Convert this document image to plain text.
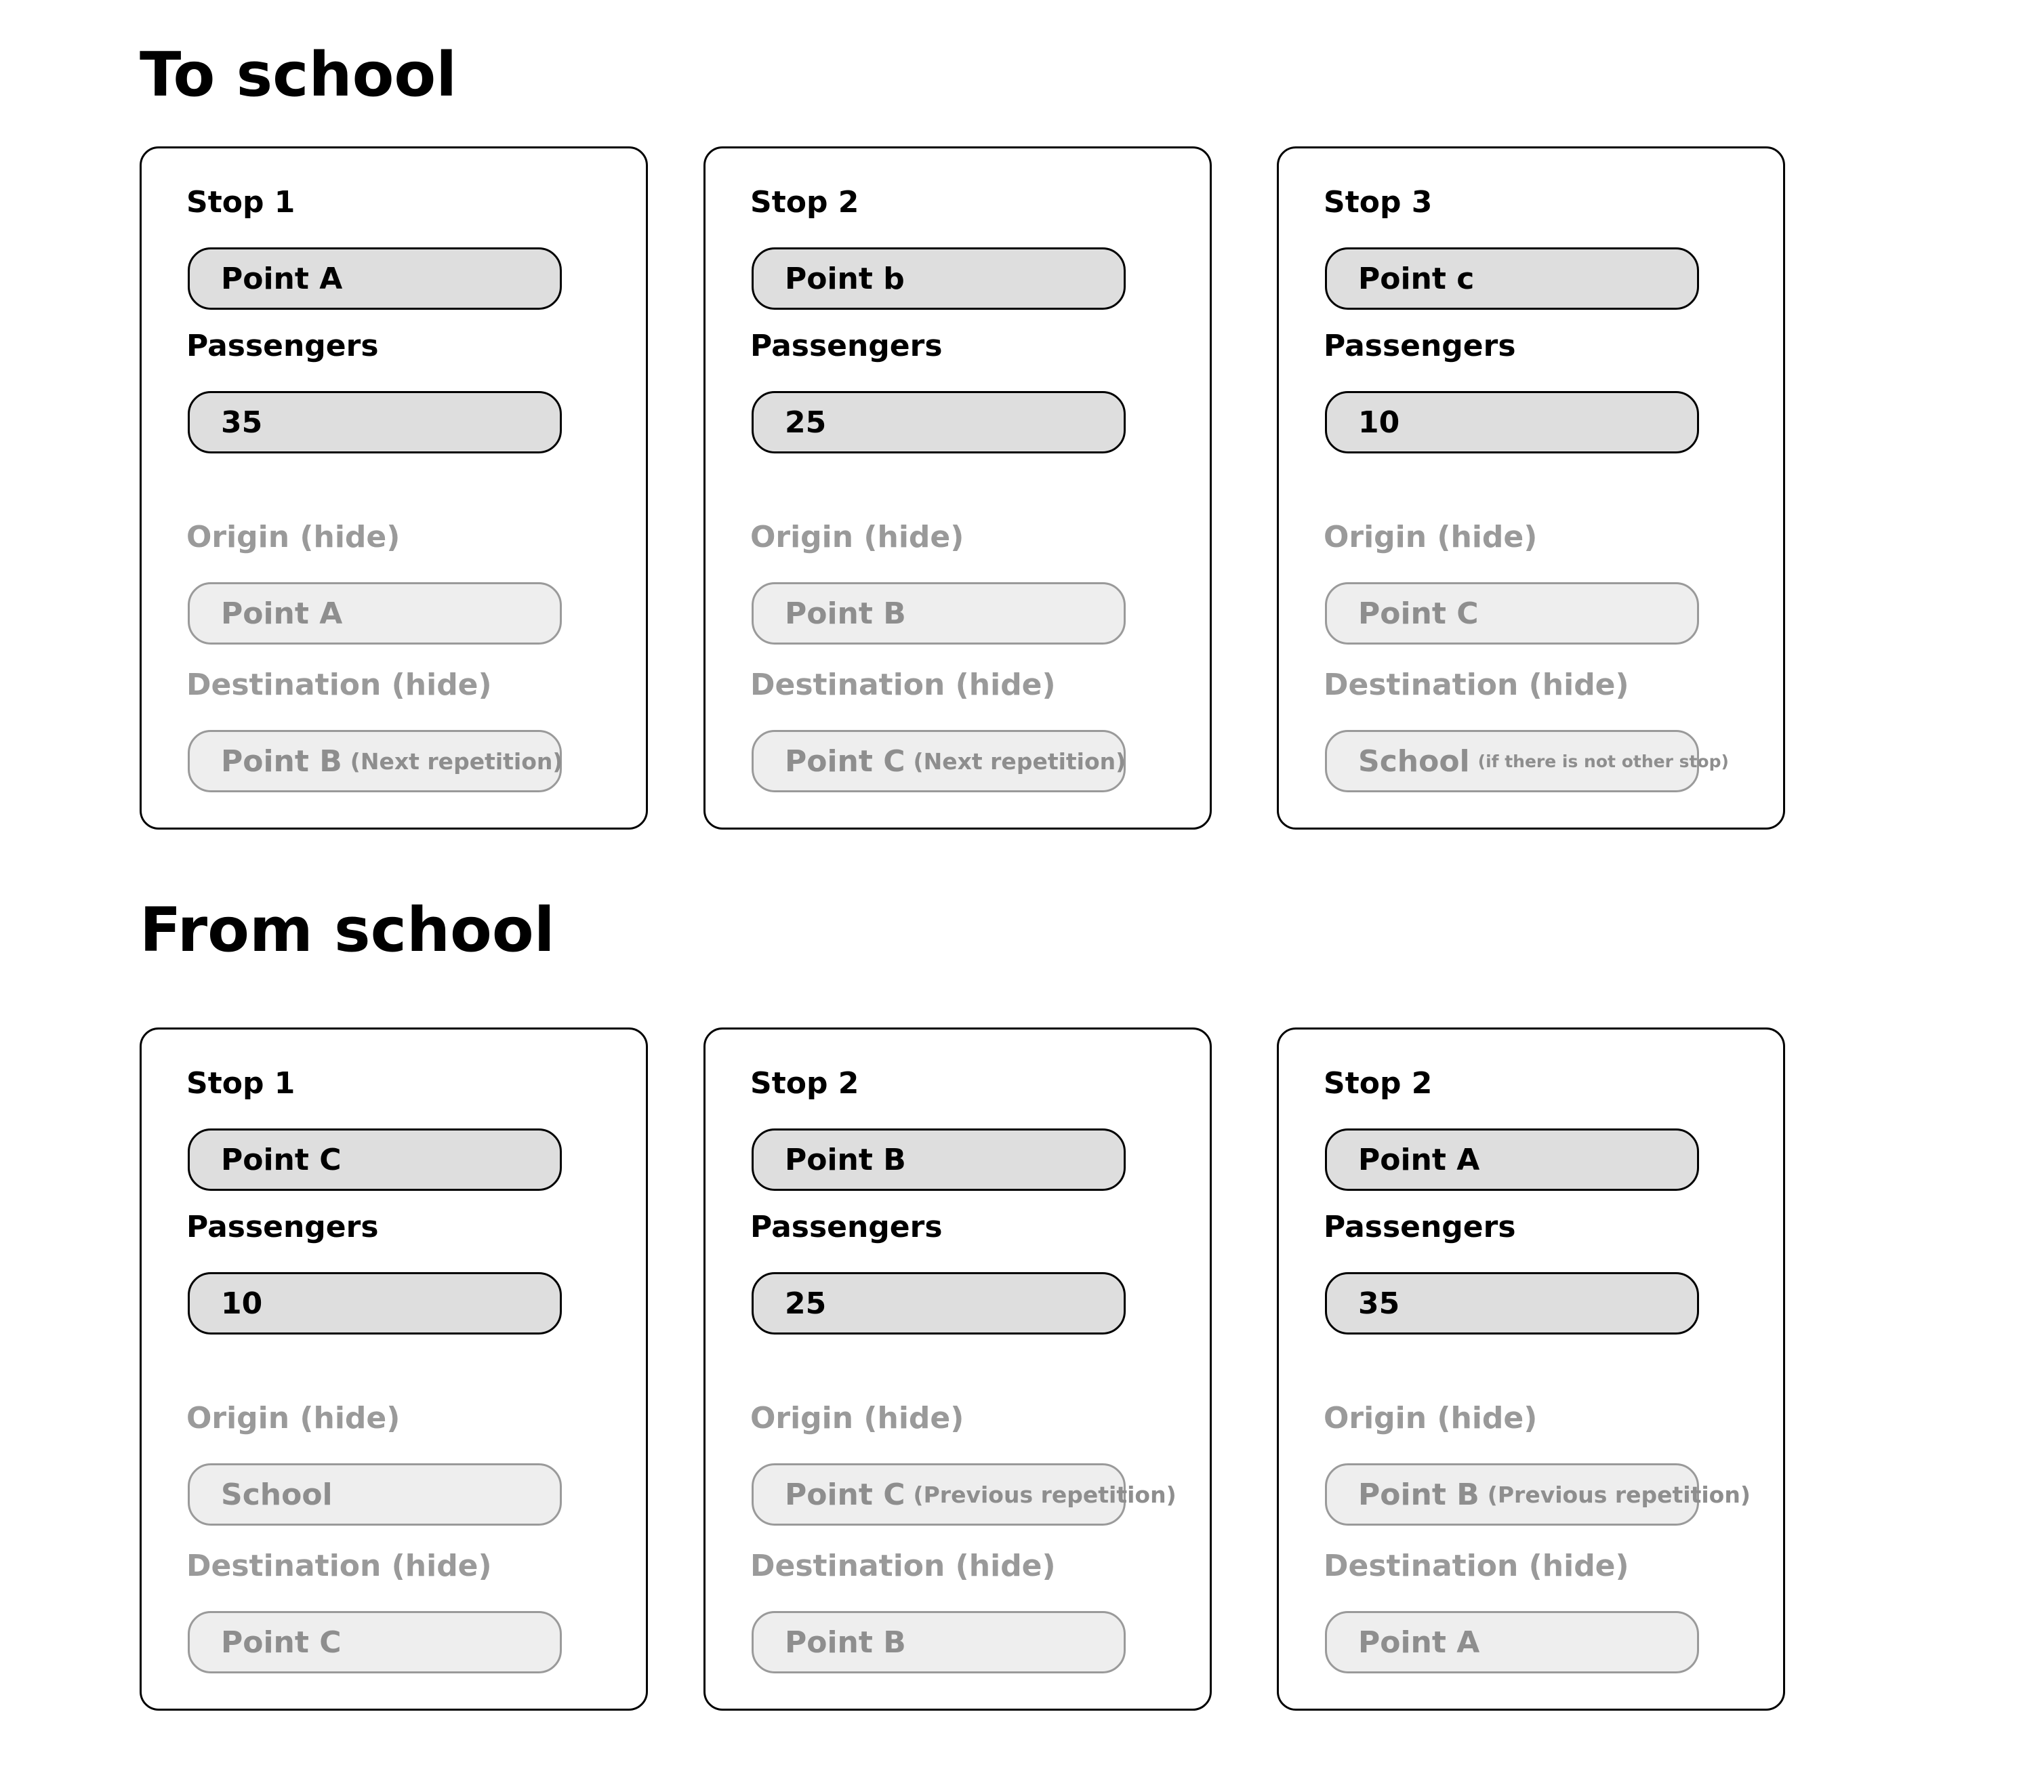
To school
Stop 1
Point A
Passengers
35
Origin (hide)
Point A
Destination (hide)
Point B (Next repetition)
Stop 2
Point b
Passengers
25
Origin (hide)
Point B
Destination (hide)
Point C (Next repetition)
Stop 3
Point c
Passengers
10
Origin (hide)
Point C
Destination (hide)
School (if there is not other stop)
From school
Stop 1
Point C
Passengers
10
Origin (hide)
School
Destination (hide)
Point C
Stop 2
Point B
Passengers
25
Origin (hide)
Point C (Previous repetition)
Destination (hide)
Point B
Stop 2
Point A
Passengers
35
Origin (hide)
Point B (Previous repetition)
Destination (hide)
Point A
